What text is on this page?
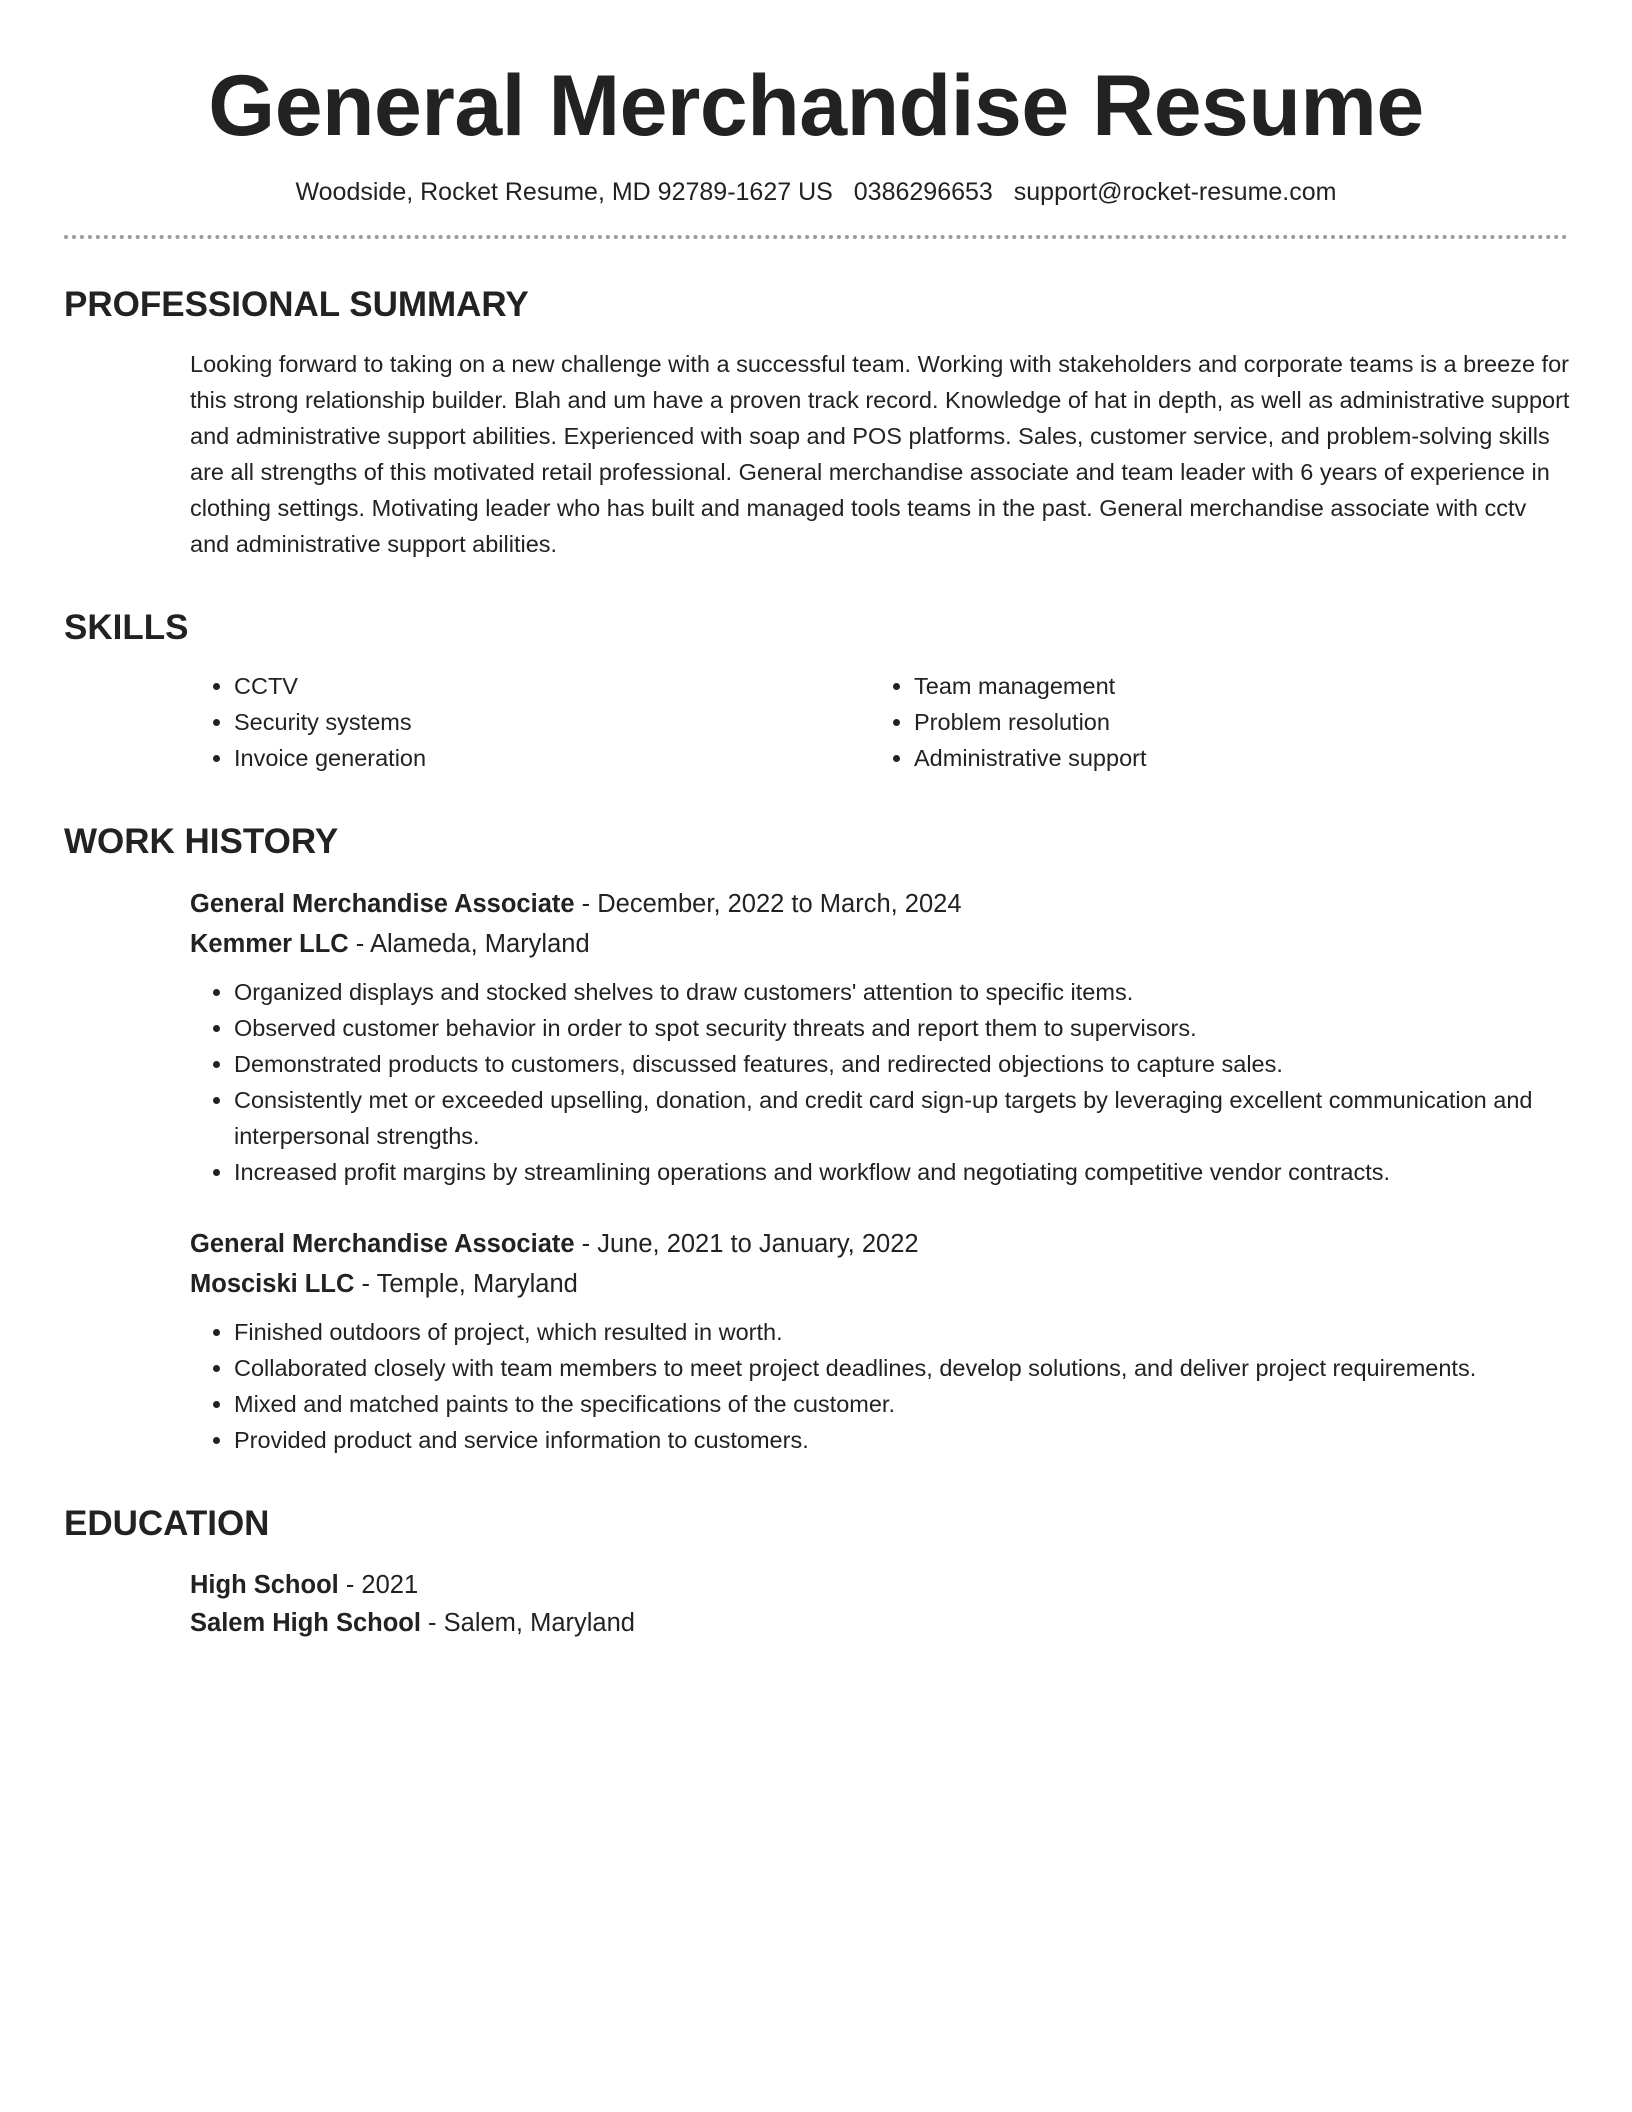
General Merchandise Resume
Woodside, Rocket Resume, MD 92789-1627 US 0386296653 support@rocket-resume.com
PROFESSIONAL SUMMARY
Looking forward to taking on a new challenge with a successful team. Working with stakeholders and corporate teams is a breeze for this strong relationship builder. Blah and um have a proven track record. Knowledge of hat in depth, as well as administrative support and administrative support abilities. Experienced with soap and POS platforms. Sales, customer service, and problem-solving skills are all strengths of this motivated retail professional. General merchandise associate and team leader with 6 years of experience in clothing settings. Motivating leader who has built and managed tools teams in the past. General merchandise associate with cctv and administrative support abilities.
SKILLS
• CCTV
• Security systems
• Invoice generation
• Team management
• Problem resolution
• Administrative support
WORK HISTORY
General Merchandise Associate - December, 2022 to March, 2024
Kemmer LLC - Alameda, Maryland
• Organized displays and stocked shelves to draw customers' attention to specific items.
• Observed customer behavior in order to spot security threats and report them to supervisors.
• Demonstrated products to customers, discussed features, and redirected objections to capture sales.
• Consistently met or exceeded upselling, donation, and credit card sign-up targets by leveraging excellent communication and interpersonal strengths.
• Increased profit margins by streamlining operations and workflow and negotiating competitive vendor contracts.
General Merchandise Associate - June, 2021 to January, 2022
Mosciski LLC - Temple, Maryland
• Finished outdoors of project, which resulted in worth.
• Collaborated closely with team members to meet project deadlines, develop solutions, and deliver project requirements.
• Mixed and matched paints to the specifications of the customer.
• Provided product and service information to customers.
EDUCATION
High School - 2021
Salem High School - Salem, Maryland
